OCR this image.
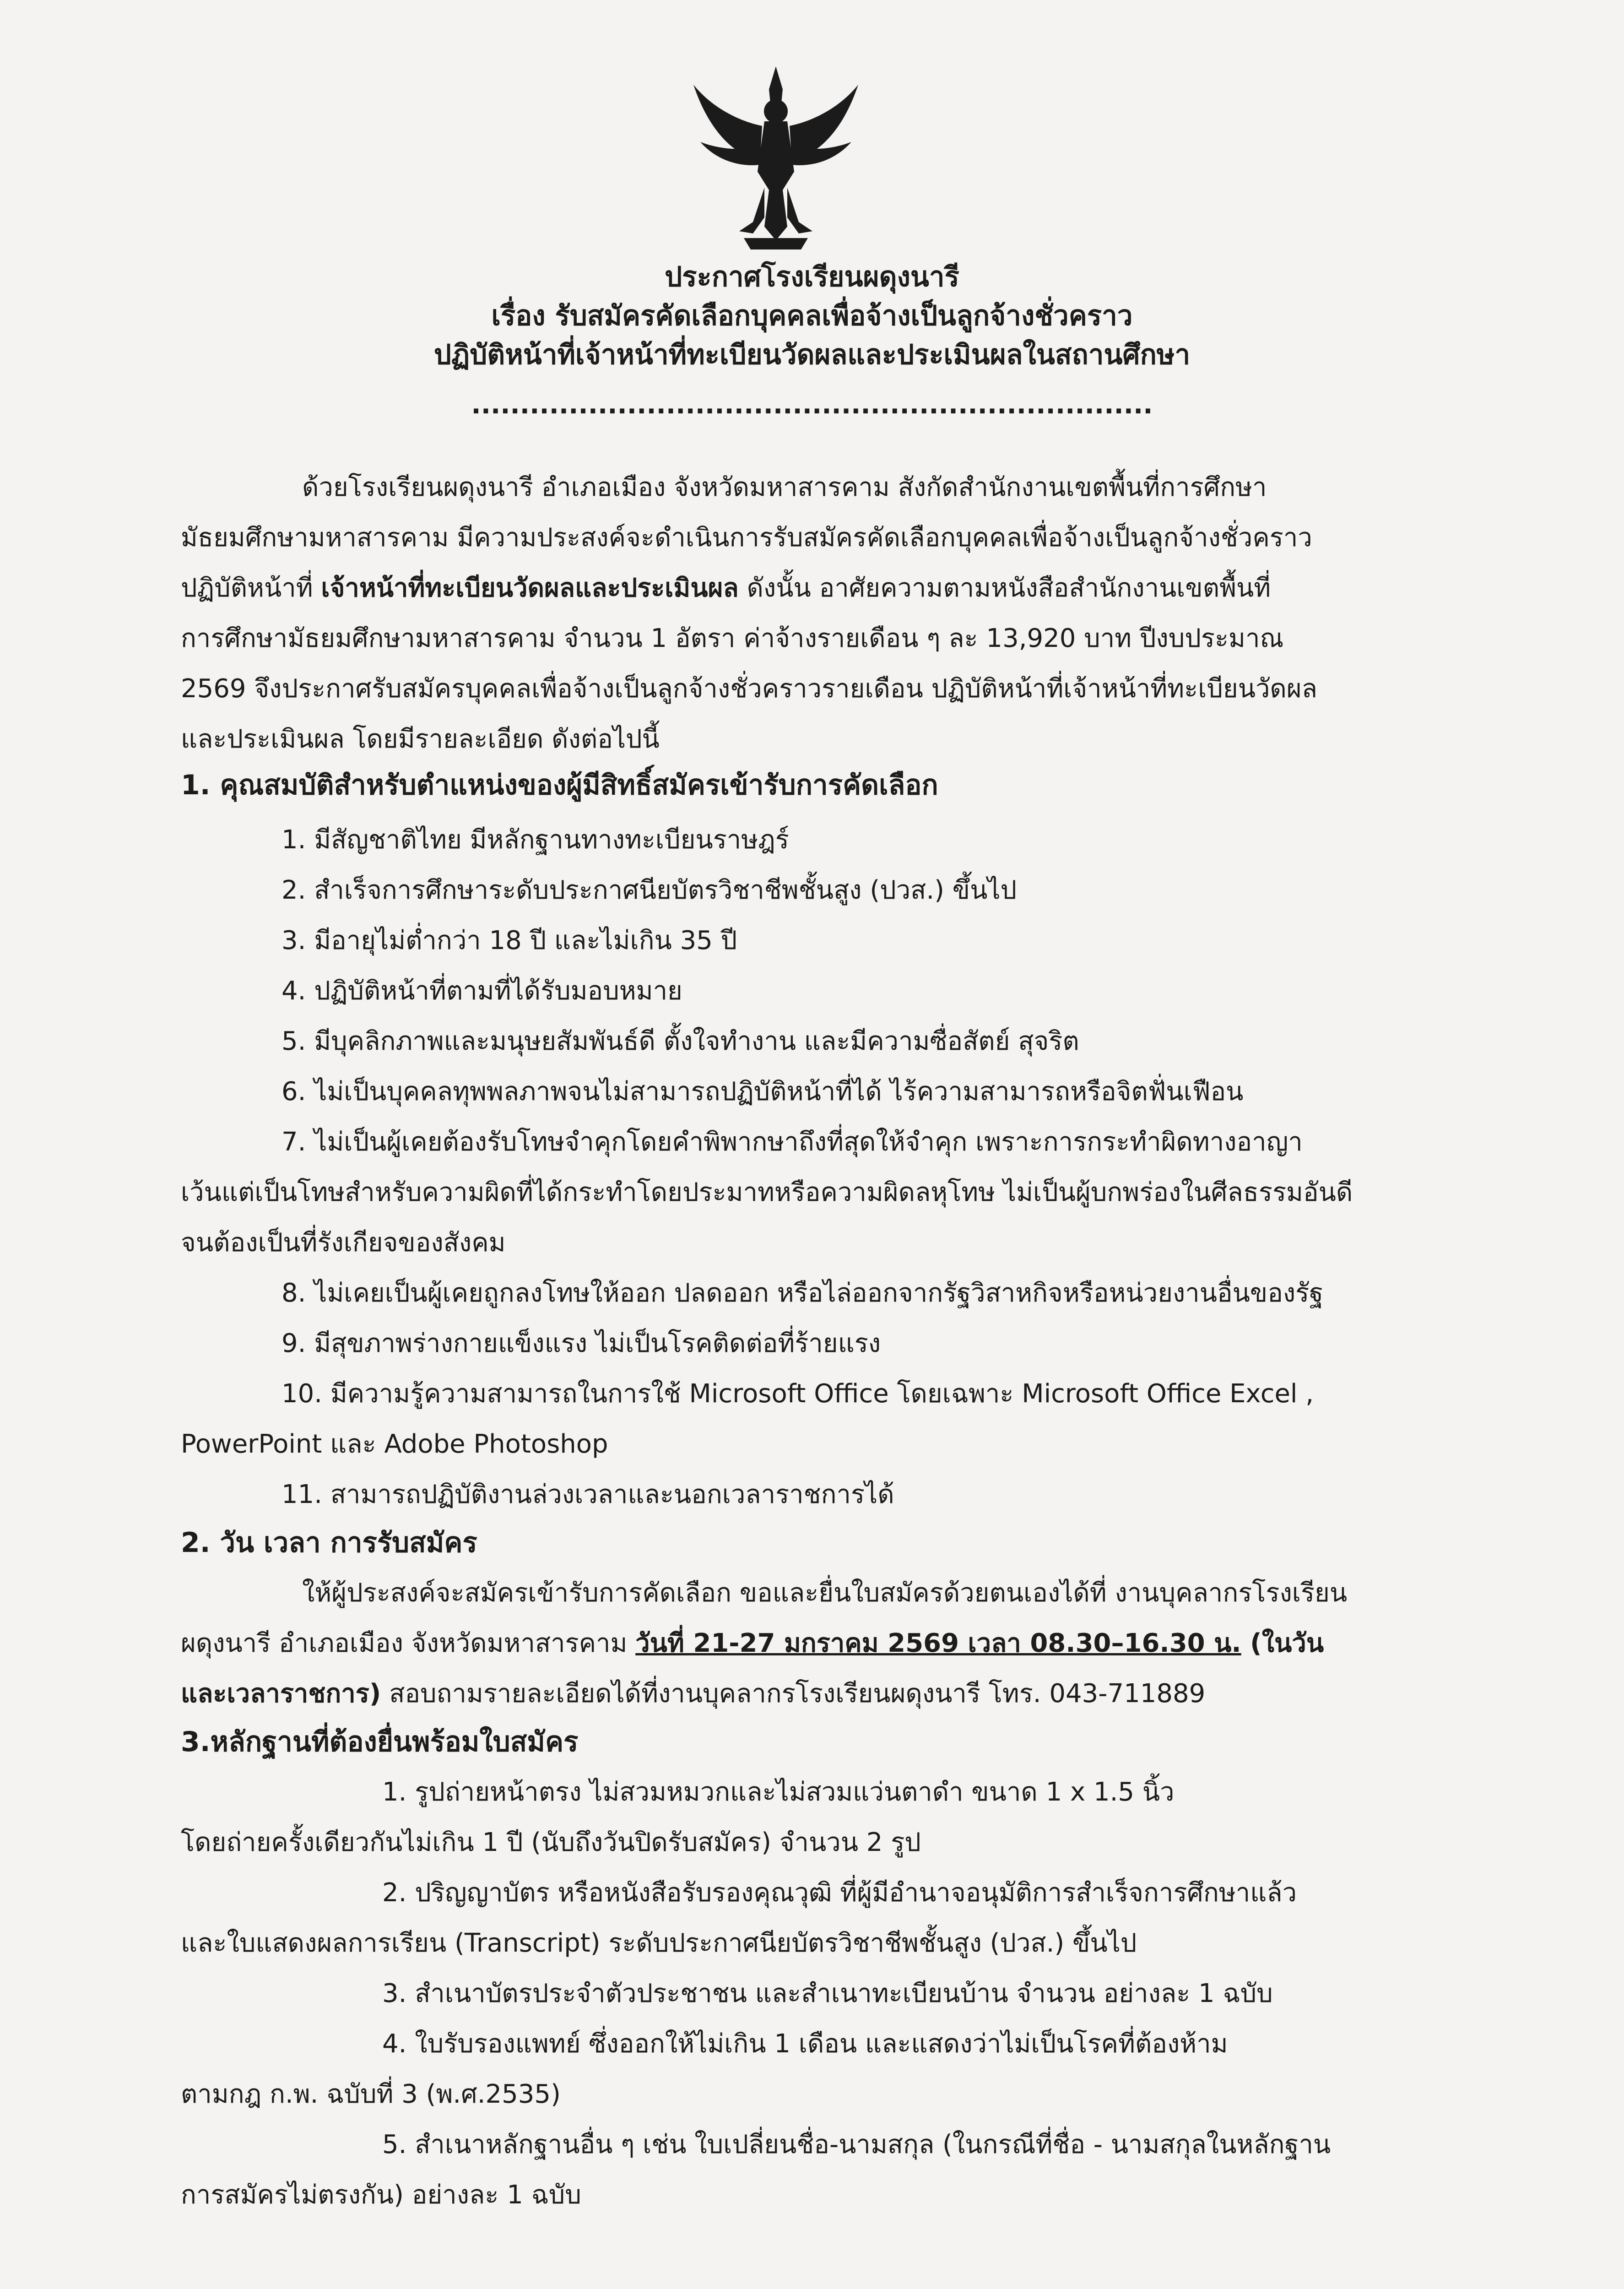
ประกาศโรงเรียนผดุงนารี
เรื่อง รับสมัครคัดเลือกบุคคลเพื่อจ้างเป็นลูกจ้างชั่วคราว
ปฏิบัติหน้าที่เจ้าหน้าที่ทะเบียนวัดผลและประเมินผลในสถานศึกษา
......................................................................
ด้วยโรงเรียนผดุงนารี อำเภอเมือง จังหวัดมหาสารคาม สังกัดสำนักงานเขตพื้นที่การศึกษา
มัธยมศึกษามหาสารคาม มีความประสงค์จะดำเนินการรับสมัครคัดเลือกบุคคลเพื่อจ้างเป็นลูกจ้างชั่วคราว
ปฏิบัติหน้าที่ เจ้าหน้าที่ทะเบียนวัดผลและประเมินผล ดังนั้น อาศัยความตามหนังสือสำนักงานเขตพื้นที่
การศึกษามัธยมศึกษามหาสารคาม จำนวน 1 อัตรา ค่าจ้างรายเดือน ๆ ละ 13,920 บาท ปีงบประมาณ
2569 จึงประกาศรับสมัครบุคคลเพื่อจ้างเป็นลูกจ้างชั่วคราวรายเดือน ปฏิบัติหน้าที่เจ้าหน้าที่ทะเบียนวัดผล
และประเมินผล โดยมีรายละเอียด ดังต่อไปนี้
1. คุณสมบัติสำหรับตำแหน่งของผู้มีสิทธิ์สมัครเข้ารับการคัดเลือก
1. มีสัญชาติไทย มีหลักฐานทางทะเบียนราษฎร์
2. สำเร็จการศึกษาระดับประกาศนียบัตรวิชาชีพชั้นสูง (ปวส.) ขึ้นไป
3. มีอายุไม่ต่ำกว่า 18 ปี และไม่เกิน 35 ปี
4. ปฏิบัติหน้าที่ตามที่ได้รับมอบหมาย
5. มีบุคลิกภาพและมนุษยสัมพันธ์ดี ตั้งใจทำงาน และมีความซื่อสัตย์ สุจริต
6. ไม่เป็นบุคคลทุพพลภาพจนไม่สามารถปฏิบัติหน้าที่ได้ ไร้ความสามารถหรือจิตฟั่นเฟือน
7. ไม่เป็นผู้เคยต้องรับโทษจำคุกโดยคำพิพากษาถึงที่สุดให้จำคุก เพราะการกระทำผิดทางอาญา
เว้นแต่เป็นโทษสำหรับความผิดที่ได้กระทำโดยประมาทหรือความผิดลหุโทษ ไม่เป็นผู้บกพร่องในศีลธรรมอันดี
จนต้องเป็นที่รังเกียจของสังคม
8. ไม่เคยเป็นผู้เคยถูกลงโทษให้ออก ปลดออก หรือไล่ออกจากรัฐวิสาหกิจหรือหน่วยงานอื่นของรัฐ
9. มีสุขภาพร่างกายแข็งแรง ไม่เป็นโรคติดต่อที่ร้ายแรง
10. มีความรู้ความสามารถในการใช้ Microsoft Office โดยเฉพาะ Microsoft Office Excel ,
PowerPoint และ Adobe Photoshop
11. สามารถปฏิบัติงานล่วงเวลาและนอกเวลาราชการได้
2. วัน เวลา การรับสมัคร
ให้ผู้ประสงค์จะสมัครเข้ารับการคัดเลือก ขอและยื่นใบสมัครด้วยตนเองได้ที่ งานบุคลากรโรงเรียน
ผดุงนารี อำเภอเมือง จังหวัดมหาสารคาม วันที่ 21-27 มกราคม 2569 เวลา 08.30–16.30 น. (ในวัน
และเวลาราชการ) สอบถามรายละเอียดได้ที่งานบุคลากรโรงเรียนผดุงนารี โทร. 043-711889
3.หลักฐานที่ต้องยื่นพร้อมใบสมัคร
1. รูปถ่ายหน้าตรง ไม่สวมหมวกและไม่สวมแว่นตาดำ ขนาด 1 x 1.5 นิ้ว
โดยถ่ายครั้งเดียวกันไม่เกิน 1 ปี (นับถึงวันปิดรับสมัคร) จำนวน 2 รูป
2. ปริญญาบัตร หรือหนังสือรับรองคุณวุฒิ ที่ผู้มีอำนาจอนุมัติการสำเร็จการศึกษาแล้ว
และใบแสดงผลการเรียน (Transcript) ระดับประกาศนียบัตรวิชาชีพชั้นสูง (ปวส.) ขึ้นไป
3. สำเนาบัตรประจำตัวประชาชน และสำเนาทะเบียนบ้าน จำนวน อย่างละ 1 ฉบับ
4. ใบรับรองแพทย์ ซึ่งออกให้ไม่เกิน 1 เดือน และแสดงว่าไม่เป็นโรคที่ต้องห้าม
ตามกฎ ก.พ. ฉบับที่ 3 (พ.ศ.2535)
5. สำเนาหลักฐานอื่น ๆ เช่น ใบเปลี่ยนชื่อ-นามสกุล (ในกรณีที่ชื่อ - นามสกุลในหลักฐาน
การสมัครไม่ตรงกัน) อย่างละ 1 ฉบับ
